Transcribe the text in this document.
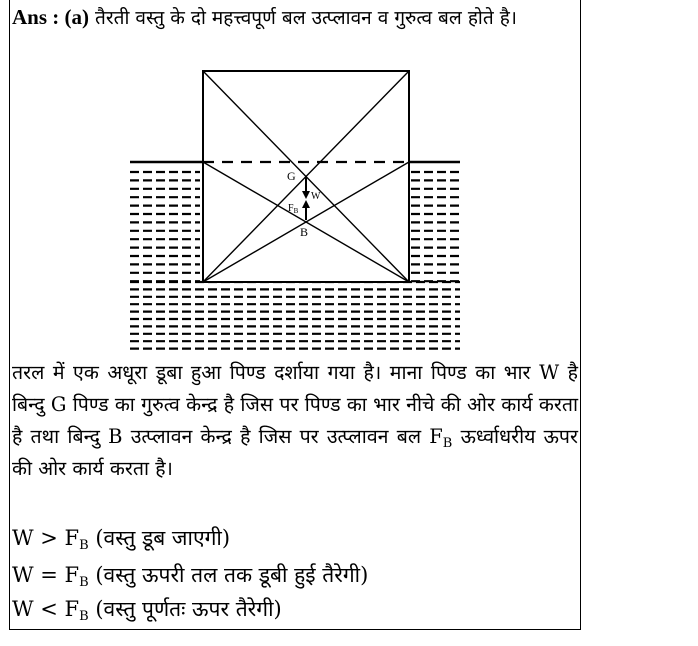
Ans : (a) तैरती वस्तु के दो महत्त्वपूर्ण बल उत्प्लावन व गुरुत्व बल होते है।
G
W
$F_B$
B
तरल में एक अधूरा डूबा हुआ पिण्ड दर्शाया गया है। माना पिण्ड का भार W है बिन्दु G पिण्ड का गुरुत्व केन्द्र है जिस पर पिण्ड का भार नीचे की ओर कार्य करता है तथा बिन्दु B उत्प्लावन केन्द्र है जिस पर उत्प्लावन बल $F_B$ ऊर्ध्वाधरीय ऊपर की ओर कार्य करता है।
$W > F_B$ (वस्तु डूब जाएगी)
$W = F_B$ (वस्तु ऊपरी तल तक डूबी हुई तैरेगी)
$W < F_B$ (वस्तु पूर्णतः ऊपर तैरेगी)
